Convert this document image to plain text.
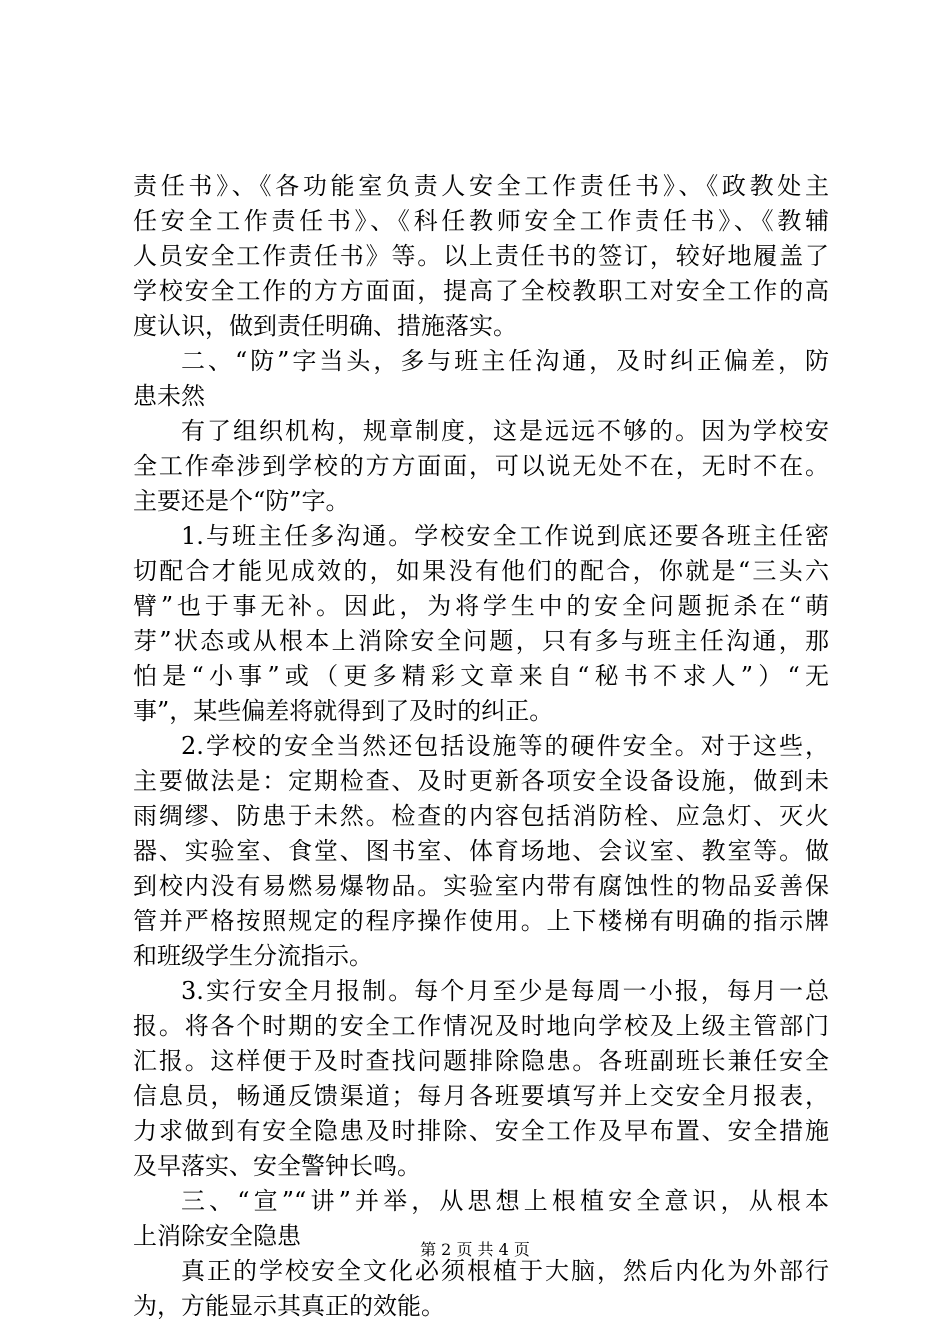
责任书》、《各功能室负责人安全工作责任书》、《政教处主
任安全工作责任书》、《科任教师安全工作责任书》、《教辅
人员安全工作责任书》等。以上责任书的签订，较好地履盖了
学校安全工作的方方面面，提高了全校教职工对安全工作的高
度认识，做到责任明确、措施落实。
二、“防”字当头，多与班主任沟通，及时纠正偏差，防
患未然
有了组织机构，规章制度，这是远远不够的。因为学校安
全工作牵涉到学校的方方面面，可以说无处不在，无时不在。
主要还是个“防”字。
1.与班主任多沟通。学校安全工作说到底还要各班主任密
切配合才能见成效的，如果没有他们的配合，你就是“三头六
臂”也于事无补。因此，为将学生中的安全问题扼杀在“萌
芽”状态或从根本上消除安全问题，只有多与班主任沟通，那
怕是“小事”或（更多精彩文章来自“秘书不求人”）“无
事”，某些偏差将就得到了及时的纠正。
2.学校的安全当然还包括设施等的硬件安全。对于这些，
主要做法是：定期检查、及时更新各项安全设备设施，做到未
雨绸缪、防患于未然。检查的内容包括消防栓、应急灯、灭火
器、实验室、食堂、图书室、体育场地、会议室、教室等。做
到校内没有易燃易爆物品。实验室内带有腐蚀性的物品妥善保
管并严格按照规定的程序操作使用。上下楼梯有明确的指示牌
和班级学生分流指示。
3.实行安全月报制。每个月至少是每周一小报，每月一总
报。将各个时期的安全工作情况及时地向学校及上级主管部门
汇报。这样便于及时查找问题排除隐患。各班副班长兼任安全
信息员，畅通反馈渠道；每月各班要填写并上交安全月报表，
力求做到有安全隐患及时排除、安全工作及早布置、安全措施
及早落实、安全警钟长鸣。
三、“宣”“讲”并举，从思想上根植安全意识，从根本
上消除安全隐患
真正的学校安全文化必须根植于大脑，然后内化为外部行
为，方能显示其真正的效能。
第 2 页 共 4 页
